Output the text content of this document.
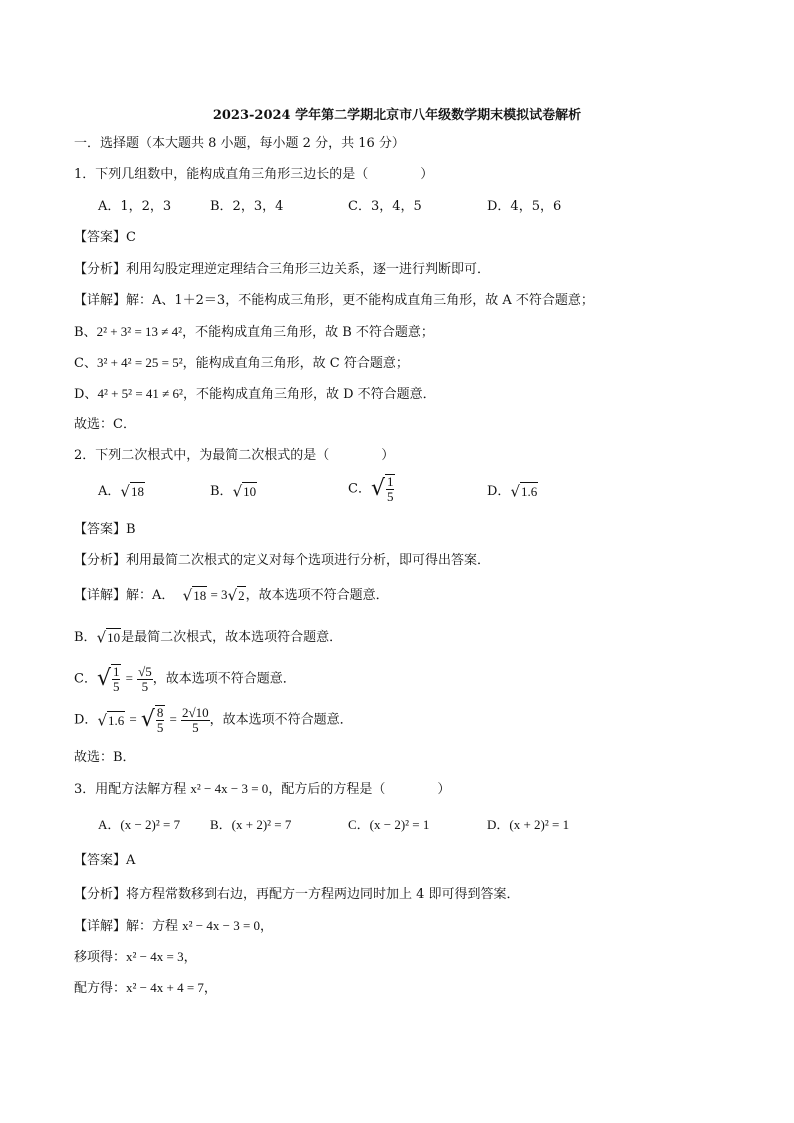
2023-2024 学年第二学期北京市八年级数学期末模拟试卷解析
一．选择题（本大题共 8 小题，每小题 2 分，共 16 分）
1．下列几组数中，能构成直角三角形三边长的是（　　　　）
A．1，2，3	B．2，3，4	C．3，4，5	D．4，5，6
【答案】C
【分析】利用勾股定理逆定理结合三角形三边关系，逐一进行判断即可．
【详解】解：A、1＋2＝3，不能构成三角形，更不能构成直角三角形，故 A 不符合题意；
B、2² + 3² = 13 ≠ 4²，不能构成直角三角形，故 B 不符合题意；
C、3² + 4² = 25 = 5²，能构成直角三角形，故 C 符合题意；
D、4² + 5² = 41 ≠ 6²，不能构成直角三角形，故 D 不符合题意．
故选：C．
2．下列二次根式中，为最简二次根式的是（　　　　）
A．√18	B．√10	C．√ $\frac{1}{5}$	D．√1.6
【答案】B
【分析】利用最简二次根式的定义对每个选项进行分析，即可得出答案．
【详解】解：A． √18 = 3√2，故本选项不符合题意．
B．√10是最简二次根式，故本选项符合题意．
C．√ $\frac{1}{5} = \frac{√5}{5}$ ，故本选项不符合题意．
D．√1.6 = √ $\frac{8}{5} = \frac{2√10}{5}$ ，故本选项不符合题意．
故选：B．
3．用配方法解方程 x² − 4x − 3 = 0，配方后的方程是（　　　　）
A．(x − 2)² = 7 B．(x + 2)² = 7	C．(x − 2)² = 1	D．(x + 2)² = 1
【答案】A
【分析】将方程常数移到右边，再配方一方程两边同时加上 4 即可得到答案．
【详解】解：方程 x² − 4x − 3 = 0，
移项得：x² − 4x = 3，
配方得：x² − 4x + 4 = 7，
